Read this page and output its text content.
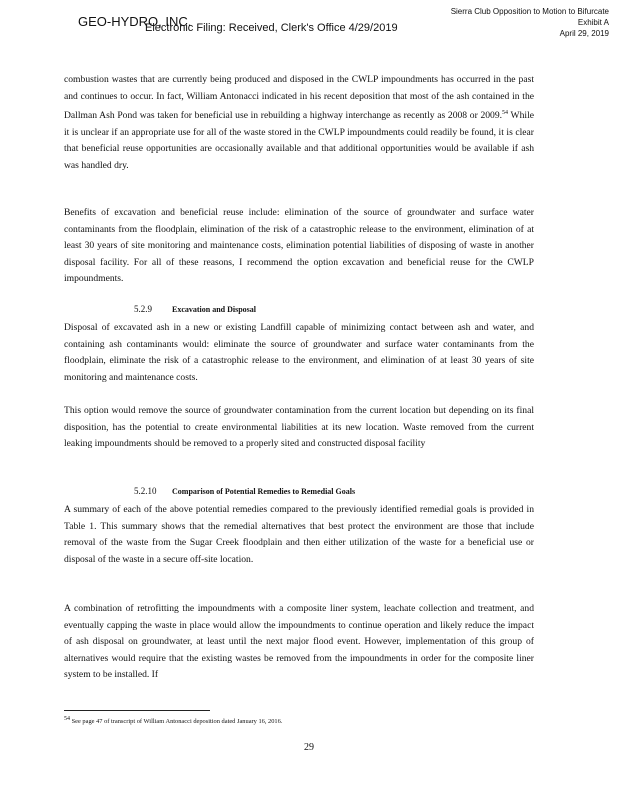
GEO-HYDRO, INC.
Electronic Filing: Received, Clerk's Office 4/29/2019
Sierra Club Opposition to Motion to Bifurcate
Exhibit A
April 29, 2019

combustion wastes that are currently being produced and disposed in the CWLP impoundments has occurred in the past and continues to occur. In fact, William Antonacci indicated in his recent deposition that most of the ash contained in the Dallman Ash Pond was taken for beneficial use in rebuilding a highway interchange as recently as 2008 or 2009.54 While it is unclear if an appropriate use for all of the waste stored in the CWLP impoundments could readily be found, it is clear that beneficial reuse opportunities are occasionally available and that additional opportunities would be available if ash was handled dry.

Benefits of excavation and beneficial reuse include: elimination of the source of groundwater and surface water contaminants from the floodplain, elimination of the risk of a catastrophic release to the environment, elimination of at least 30 years of site monitoring and maintenance costs, elimination potential liabilities of disposing of waste in another disposal facility. For all of these reasons, I recommend the option excavation and beneficial reuse for the CWLP impoundments.

5.2.9	Excavation and Disposal

Disposal of excavated ash in a new or existing Landfill capable of minimizing contact between ash and water, and containing ash contaminants would: eliminate the source of groundwater and surface water contaminants from the floodplain, eliminate the risk of a catastrophic release to the environment, and elimination of at least 30 years of site monitoring and maintenance costs.

This option would remove the source of groundwater contamination from the current location but depending on its final disposition, has the potential to create environmental liabilities at its new location. Waste removed from the current leaking impoundments should be removed to a properly sited and constructed disposal facility

5.2.10 Comparison of Potential Remedies to Remedial Goals

A summary of each of the above potential remedies compared to the previously identified remedial goals is provided in Table 1. This summary shows that the remedial alternatives that best protect the environment are those that include removal of the waste from the Sugar Creek floodplain and then either utilization of the waste for a beneficial use or disposal of the waste in a secure off-site location.

A combination of retrofitting the impoundments with a composite liner system, leachate collection and treatment, and eventually capping the waste in place would allow the impoundments to continue operation and likely reduce the impact of ash disposal on groundwater, at least until the next major flood event. However, implementation of this group of alternatives would require that the existing wastes be removed from the impoundments in order for the composite liner system to be installed. If

$^{54}$ See page 47 of transcript of William Antonacci deposition dated January 16, 2016.
29
